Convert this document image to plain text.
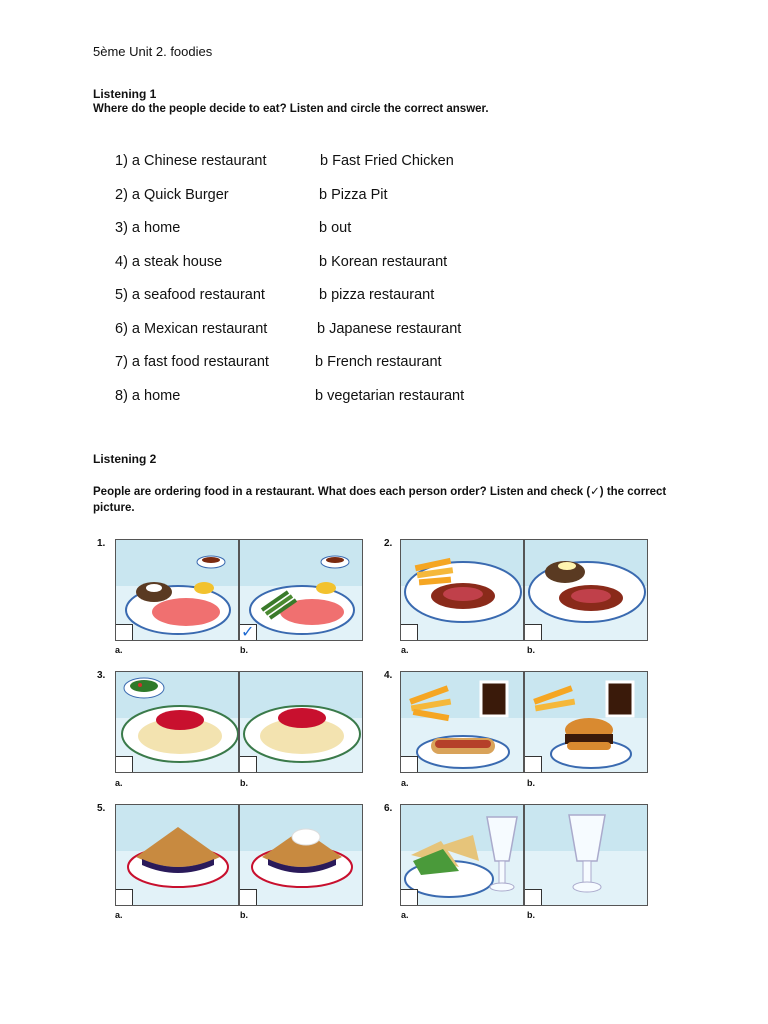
5ème Unit 2. foodies
Listening 1
Where do the people decide to eat? Listen and circle the correct answer.
1) a Chinese restaurant	b Fast Fried Chicken
2) a Quick Burger	b Pizza Pit
3) a home	b out
4) a steak house	b Korean restaurant
5) a seafood restaurant	b pizza restaurant
6) a Mexican restaurant	b Japanese restaurant
7) a fast food restaurant	b French restaurant
8) a home	b vegetarian restaurant
Listening 2
People are ordering food in a restaurant. What does each person order? Listen and check (✓) the correct picture.
1.
✓
a.	b.
2.
a.	b.
3.
a.	b.
4.
a.	b.
5.
a.	b.
6.
a.	b.
